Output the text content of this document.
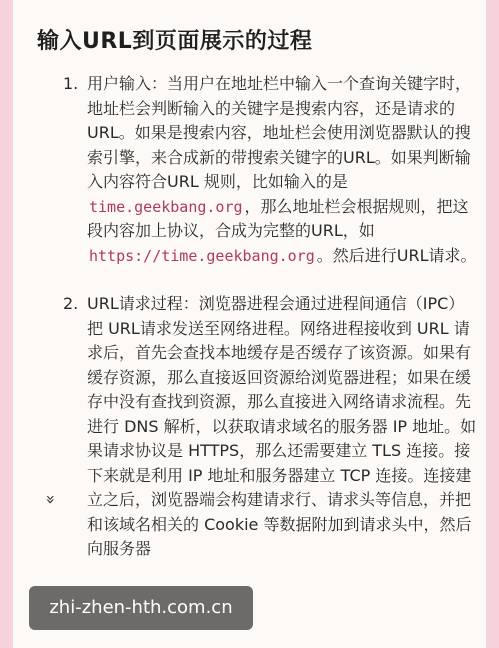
输入URL到页面展示的过程
1. 用户输入：当用户在地址栏中输入一个查询关键字时，地址栏会判断输入的关键字是搜索内容，还是请求的 URL。如果是搜索内容，地址栏会使用浏览器默认的搜索引擎，来合成新的带搜索关键字的URL。如果判断输入内容符合URL 规则，比如输入的是time.geekbang.org ，那么地址栏会根据规则，把这段内容加上协议，合成为完整的URL，如https://time.geekbang.org 。然后进行URL请求。
2. URL请求过程：浏览器进程会通过进程间通信（IPC）把 URL请求发送至网络进程。网络进程接收到 URL 请求后，首先会查找本地缓存是否缓存了该资源。如果有缓存资源，那么直接返回资源给浏览器进程；如果在缓存中没有查找到资源，那么直接进入网络请求流程。先进行 DNS 解析，以获取请求域名的服务器 IP 地址。如果请求协议是 HTTPS，那么还需要建立 TLS 连接。接下来就是利用 IP 地址和服务器建立 TCP 连接。连接建立之后，浏览器端会构建请求行、请求头等信息，并把和该域名相关的 Cookie 等数据附加到请求头中，然后向服务器
»
zhi-zhen-hth.com.cn
